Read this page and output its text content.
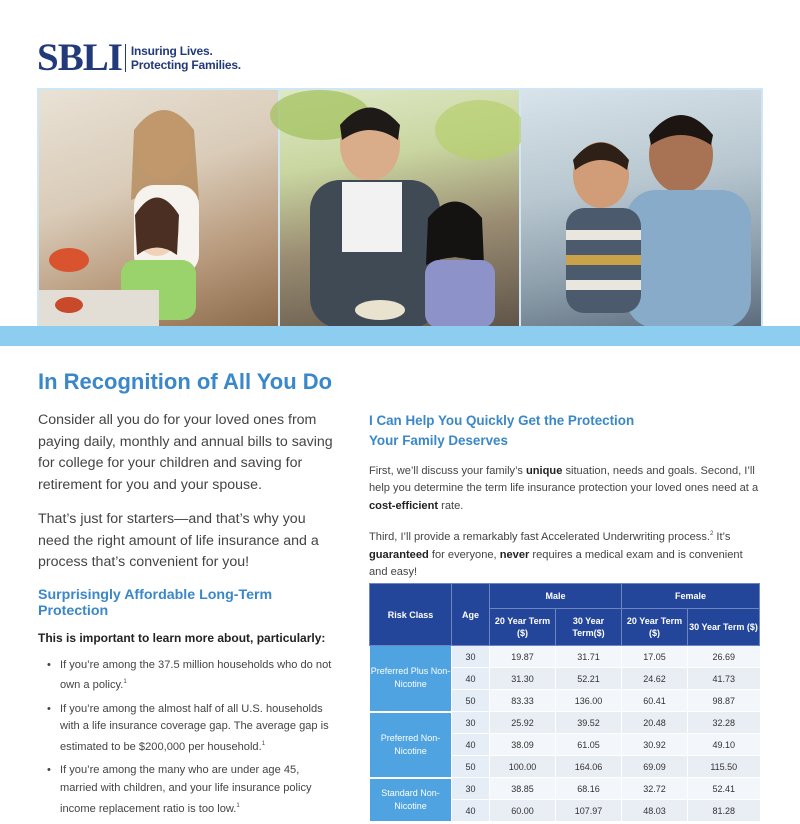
SBLI Insuring Lives.
Protecting Families.
In Recognition of All You Do

Consider all you do for your loved ones from paying daily, monthly and annual bills to saving for college for your children and saving for retirement for you and your spouse.

That’s just for starters—and that’s why you need the right amount of life insurance and a process that’s convenient for you!

Surprisingly Affordable Long-Term Protection

This is important to learn more about, particularly:

• If you’re among the 37.5 million households who do not own a policy.$^1$
• If you’re among the almost half of all U.S. households with a life insurance coverage gap. The average gap is estimated to be $200,000 per household.$^1$
• If you’re among the many who are under age 45, married with children, and your life insurance policy income replacement ratio is too low.$^1$
I Can Help You Quickly Get the Protection
Your Family Deserves

First, we’ll discuss your family’s unique situation, needs and goals. Second, I’ll help you determine the term life insurance protection your loved ones need at a cost-efficient rate.

Third, I’ll provide a remarkably fast Accelerated Underwriting process.$^2$ It’s guaranteed for everyone, never requires a medical exam and is convenient and easy!

Risk Class	Age	Male		Female	
		20 Year Term ($)	30 Year Term($)	20 Year Term ($)	30 Year Term ($)
Preferred Plus Non-Nicotine	30	19.87	31.71	17.05	26.69
	40	31.30	52.21	24.62	41.73
	50	83.33	136.00	60.41	98.87
Preferred Non-Nicotine	30	25.92	39.52	20.48	32.28
	40	38.09	61.05	30.92	49.10
	50	100.00	164.06	69.09	115.50
Standard Non-Nicotine	30	38.85	68.16	32.72	52.41
	40	60.00	107.97	48.03	81.28
